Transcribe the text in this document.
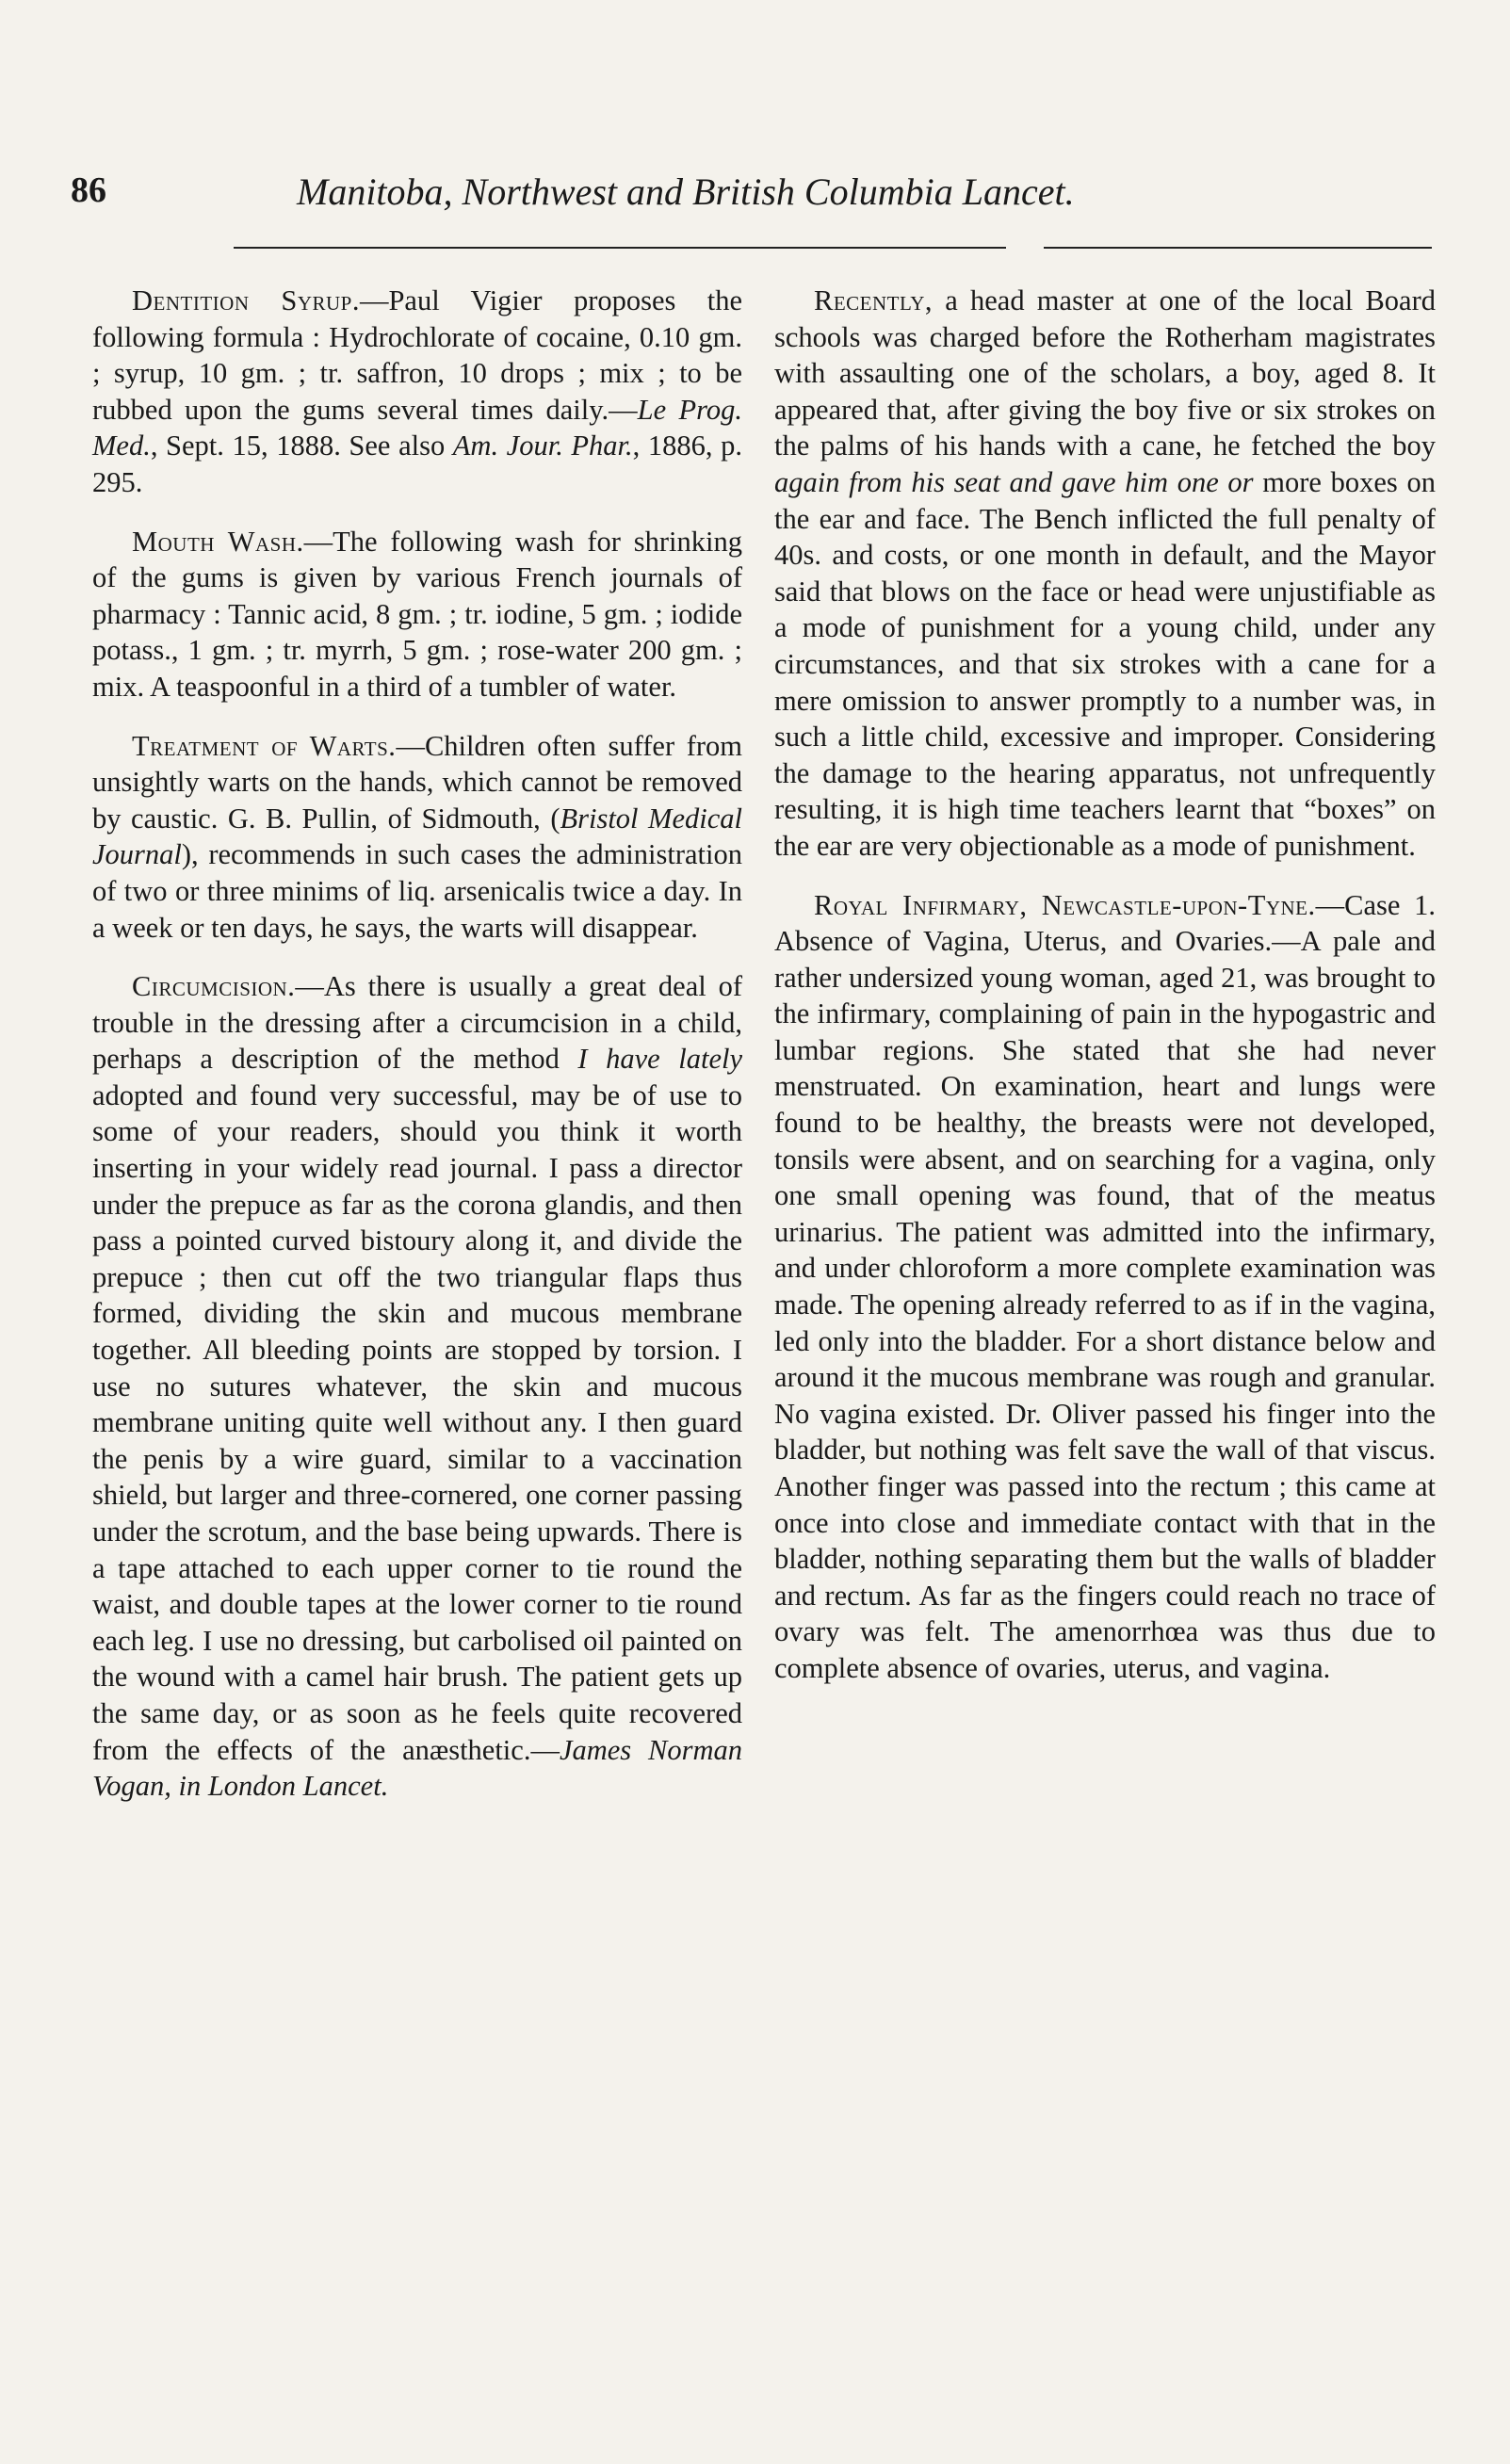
86	Manitoba, Northwest and British Columbia Lancet.

Dentition Syrup.—Paul Vigier proposes the following formula : Hydrochlorate of cocaine, 0.10 gm. ; syrup, 10 gm. ; tr. saffron, 10 drops ; mix ; to be rubbed upon the gums several times daily.—Le Prog. Med., Sept. 15, 1888. See also Am. Jour. Phar., 1886, p. 295.

Mouth Wash.—The following wash for shrinking of the gums is given by various French journals of pharmacy : Tannic acid, 8 gm. ; tr. iodine, 5 gm. ; iodide potass., 1 gm. ; tr. myrrh, 5 gm. ; rose-water 200 gm. ; mix. A teaspoonful in a third of a tumbler of water.

Treatment of Warts.—Children often suffer from unsightly warts on the hands, which cannot be removed by caustic. G. B. Pullin, of Sidmouth, (Bristol Medical Journal), recommends in such cases the administration of two or three minims of liq. arsenicalis twice a day. In a week or ten days, he says, the warts will disappear.

Circumcision.—As there is usually a great deal of trouble in the dressing after a circumcision in a child, perhaps a description of the method I have lately adopted and found very successful, may be of use to some of your readers, should you think it worth inserting in your widely read journal. I pass a director under the prepuce as far as the corona glandis, and then pass a pointed curved bistoury along it, and divide the prepuce ; then cut off the two triangular flaps thus formed, dividing the skin and mucous membrane together. All bleeding points are stopped by torsion. I use no sutures whatever, the skin and mucous membrane uniting quite well without any. I then guard the penis by a wire guard, similar to a vaccination shield, but larger and three-cornered, one corner passing under the scrotum, and the base being upwards. There is a tape attached to each upper corner to tie round the waist, and double tapes at the lower corner to tie round each leg. I use no dressing, but carbolised oil painted on the wound with a camel hair brush. The patient gets up the same day, or as soon as he feels quite recovered from the effects of the anæsthetic.—James Norman Vogan, in London Lancet.

Recently, a head master at one of the local Board schools was charged before the Rotherham magistrates with assaulting one of the scholars, a boy, aged 8. It appeared that, after giving the boy five or six strokes on the palms of his hands with a cane, he fetched the boy again from his seat and gave him one or more boxes on the ear and face. The Bench inflicted the full penalty of 40s. and costs, or one month in default, and the Mayor said that blows on the face or head were unjustifiable as a mode of punishment for a young child, under any circumstances, and that six strokes with a cane for a mere omission to answer promptly to a number was, in such a little child, excessive and improper. Considering the damage to the hearing apparatus, not unfrequently resulting, it is high time teachers learnt that “boxes” on the ear are very objectionable as a mode of punishment.

Royal Infirmary, Newcastle-upon-Tyne.—Case 1. Absence of Vagina, Uterus, and Ovaries.—A pale and rather undersized young woman, aged 21, was brought to the infirmary, complaining of pain in the hypogastric and lumbar regions. She stated that she had never menstruated. On examination, heart and lungs were found to be healthy, the breasts were not developed, tonsils were absent, and on searching for a vagina, only one small opening was found, that of the meatus urinarius. The patient was admitted into the infirmary, and under chloroform a more complete examination was made. The opening already referred to as if in the vagina, led only into the bladder. For a short distance below and around it the mucous membrane was rough and granular. No vagina existed. Dr. Oliver passed his finger into the bladder, but nothing was felt save the wall of that viscus. Another finger was passed into the rectum ; this came at once into close and immediate contact with that in the bladder, nothing separating them but the walls of bladder and rectum. As far as the fingers could reach no trace of ovary was felt. The amenorrhœa was thus due to complete absence of ovaries, uterus, and vagina.
